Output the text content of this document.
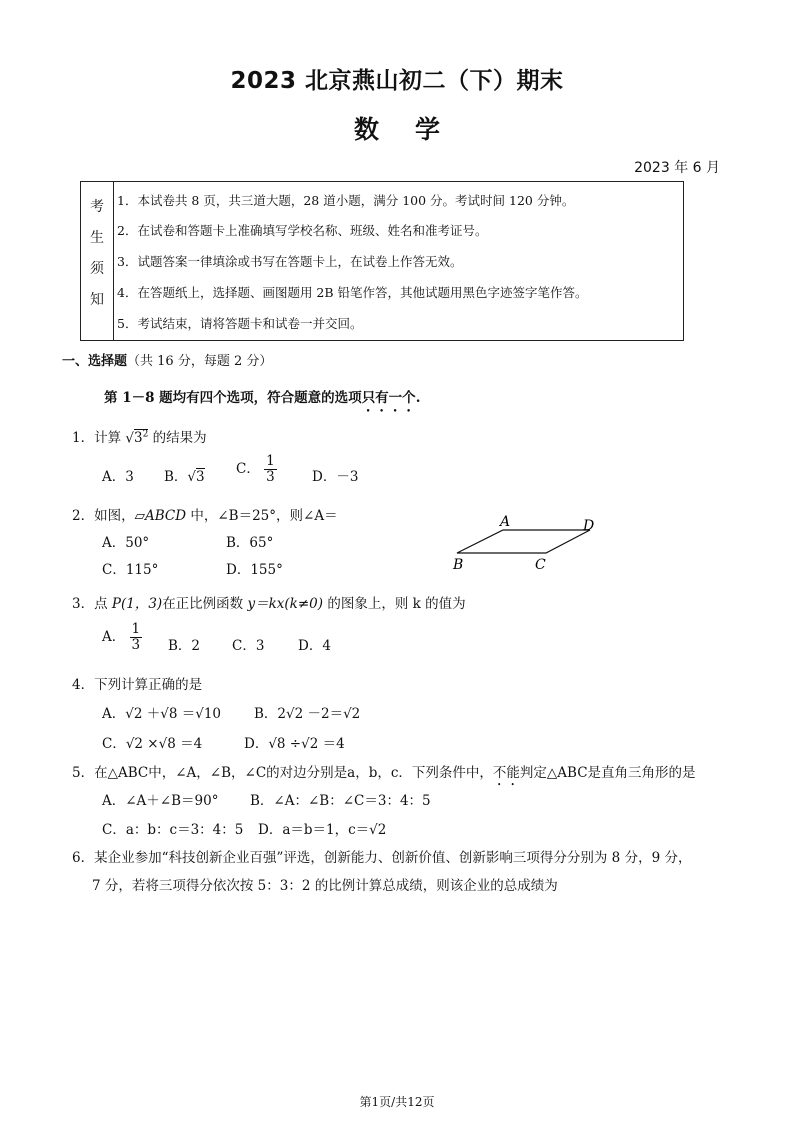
2023 北京燕山初二（下）期末
数学
2023 年 6 月
考
生
须
知
1．本试卷共 8 页，共三道大题，28 道小题，满分 100 分。考试时间 120 分钟。
2．在试卷和答题卡上准确填写学校名称、班级、姓名和准考证号。
3．试题答案一律填涂或书写在答题卡上，在试卷上作答无效。
4．在答题纸上，选择题、画图题用 2B 铅笔作答，其他试题用黑色字迹签字笔作答。
5．考试结束，请将答题卡和试卷一并交回。
一、选择题（共 16 分，每题 2 分）
第 1－8 题均有四个选项，符合题意的选项只有一个.
1．计算 $√3^2$ 的结果为
A．3 B．√3
C． $\frac{1}{3}$	D．－3
2．如图，▱ABCD 中，∠B＝25°，则∠A＝
A．50°	B．65°
C．115°	D．155°
A	D
B	C
3．点 P(1，3)在正比例函数 y＝kx(k≠0) 的图象上，则 k 的值为
A． $\frac{1}{3}$ B．2 C．3 D．4
4．下列计算正确的是
A．√2 ＋√8 ＝√10 B．2√2 －2＝√2
C．√2 ×√8 ＝4	D．√8 ÷√2 ＝4
5．在△ABC中，∠A，∠B，∠C的对边分别是a，b，c．下列条件中，不能判定△ABC是直角三角形的是
A．∠A＋∠B＝90° B．∠A：∠B：∠C＝3：4：5
C．a：b：c＝3：4：5 D．a＝b＝1，c＝√2
6．某企业参加“科技创新企业百强”评选，创新能力、创新价值、创新影响三项得分分别为 8 分，9 分，
7 分，若将三项得分依次按 5：3：2 的比例计算总成绩，则该企业的总成绩为
第1页/共12页
